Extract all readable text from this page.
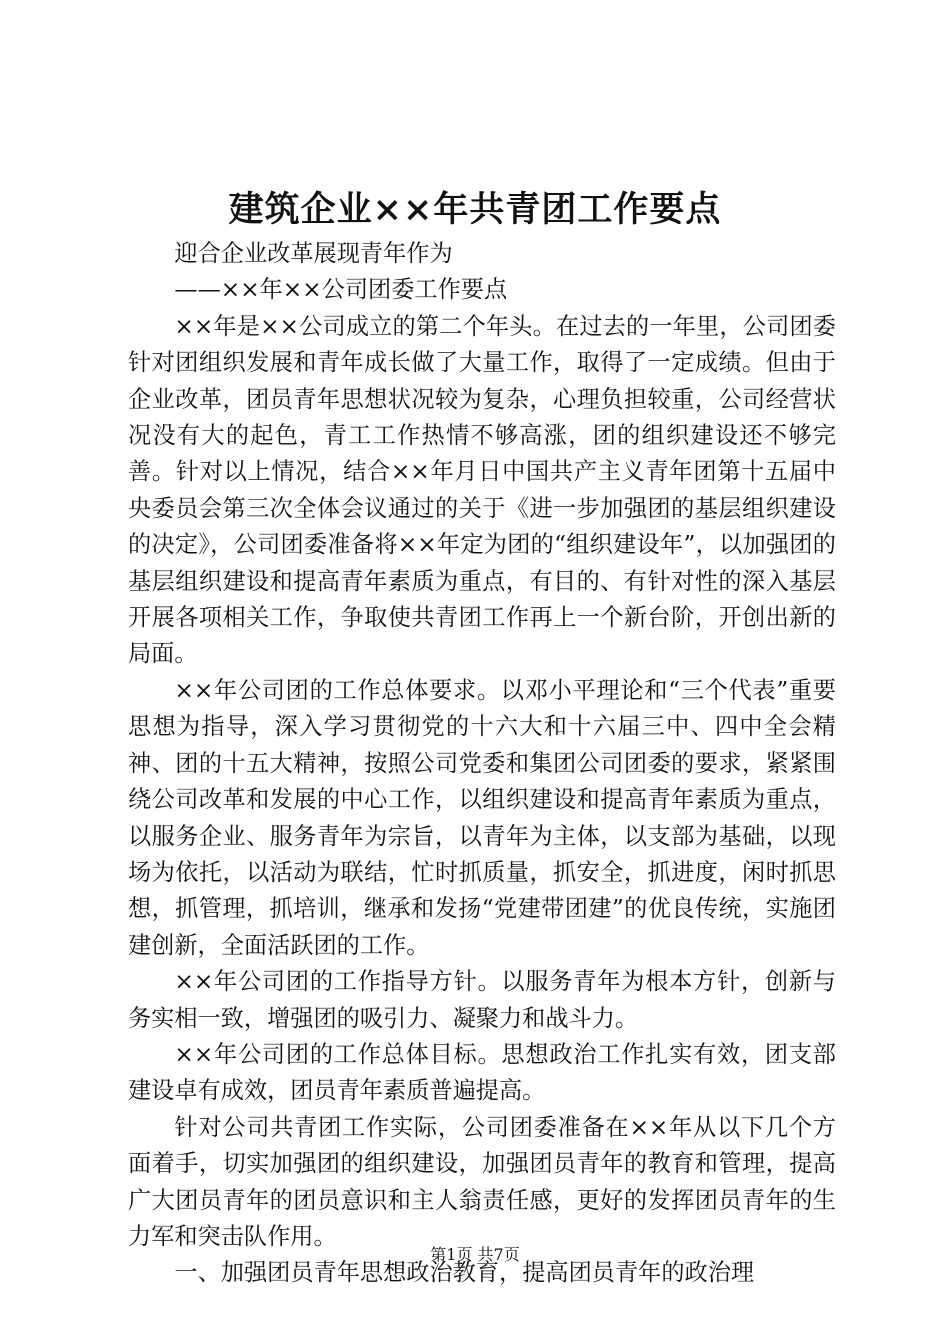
建筑企业××年共青团工作要点

迎合企业改革展现青年作为

——××年××公司团委工作要点

××年是××公司成立的第二个年头。在过去的一年里，公司团委针对团组织发展和青年成长做了大量工作，取得了一定成绩。但由于企业改革，团员青年思想状况较为复杂，心理负担较重，公司经营状况没有大的起色，青工工作热情不够高涨，团的组织建设还不够完善。针对以上情况，结合××年月日中国共产主义青年团第十五届中央委员会第三次全体会议通过的关于《进一步加强团的基层组织建设的决定》，公司团委准备将××年定为团的“组织建设年”，以加强团的基层组织建设和提高青年素质为重点，有目的、有针对性的深入基层开展各项相关工作，争取使共青团工作再上一个新台阶，开创出新的局面。

××年公司团的工作总体要求。以邓小平理论和“三个代表”重要思想为指导，深入学习贯彻党的十六大和十六届三中、四中全会精神、团的十五大精神，按照公司党委和集团公司团委的要求，紧紧围绕公司改革和发展的中心工作，以组织建设和提高青年素质为重点，以服务企业、服务青年为宗旨，以青年为主体，以支部为基础，以现场为依托，以活动为联结，忙时抓质量，抓安全，抓进度，闲时抓思想，抓管理，抓培训，继承和发扬“党建带团建”的优良传统，实施团建创新，全面活跃团的工作。

××年公司团的工作指导方针。以服务青年为根本方针，创新与务实相一致，增强团的吸引力、凝聚力和战斗力。

××年公司团的工作总体目标。思想政治工作扎实有效，团支部建设卓有成效，团员青年素质普遍提高。

针对公司共青团工作实际，公司团委准备在××年从以下几个方面着手，切实加强团的组织建设，加强团员青年的教育和管理，提高广大团员青年的团员意识和主人翁责任感，更好的发挥团员青年的生力军和突击队作用。

一、加强团员青年思想政治教育，提高团员青年的政治理

第1页 共7页
